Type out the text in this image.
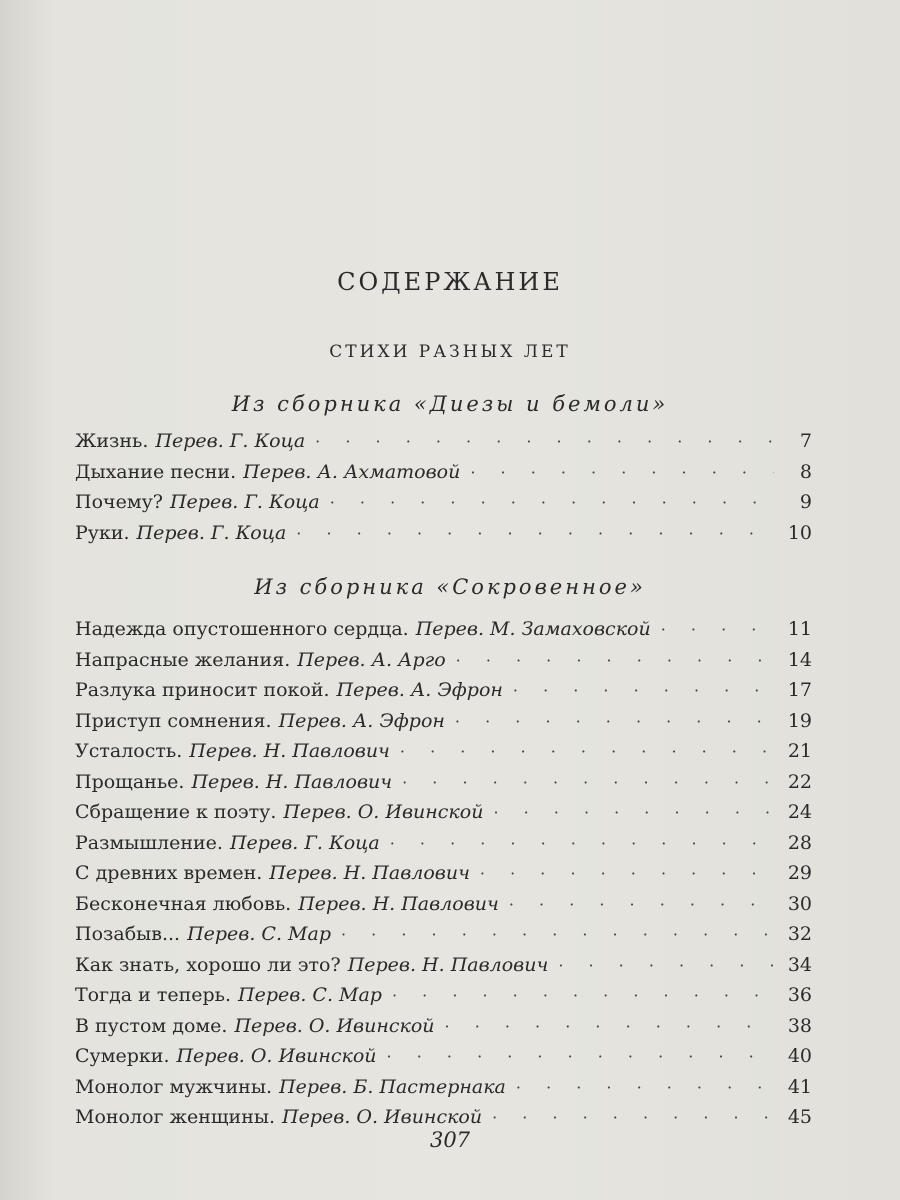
СОДЕРЖАНИЕ
СТИХИ РАЗНЫХ ЛЕТ
Из сборника «Диезы и бемоли»
Жизнь. Перев. Г. Коца · · ·	7
Дыхание песни. Перев. А. Ахматовой · · ·	8
Почему? Перев. Г. Коца · · ·	9
Руки. Перев. Г. Коца · · ·	10
Из сборника «Сокровенное»
Надежда опустошенного сердца. Перев. М. Замаховской · · ·	11
Напрасные желания. Перев. А. Арго · · ·	14
Разлука приносит покой. Перев. А. Эфрон · · ·	17
Приступ сомнения. Перев. А. Эфрон · · ·	19
Усталость. Перев. Н. Павлович · · ·	21
Прощанье. Перев. Н. Павлович · · ·	22
Сбращение к поэту. Перев. О. Ивинской · · ·	24
Размышление. Перев. Г. Коца · · ·	28
С древних времен. Перев. Н. Павлович · · ·	29
Бесконечная любовь. Перев. Н. Павлович · · ·	30
Позабыв... Перев. С. Мар · · ·	32
Как знать, хорошо ли это? Перев. Н. Павлович · · ·	34
Тогда и теперь. Перев. С. Мар · · ·	36
В пустом доме. Перев. О. Ивинской · · ·	38
Сумерки. Перев. О. Ивинской · · ·	40
Монолог мужчины. Перев. Б. Пастернака · · ·	41
Монолог женщины. Перев. О. Ивинской · · ·	45
307
